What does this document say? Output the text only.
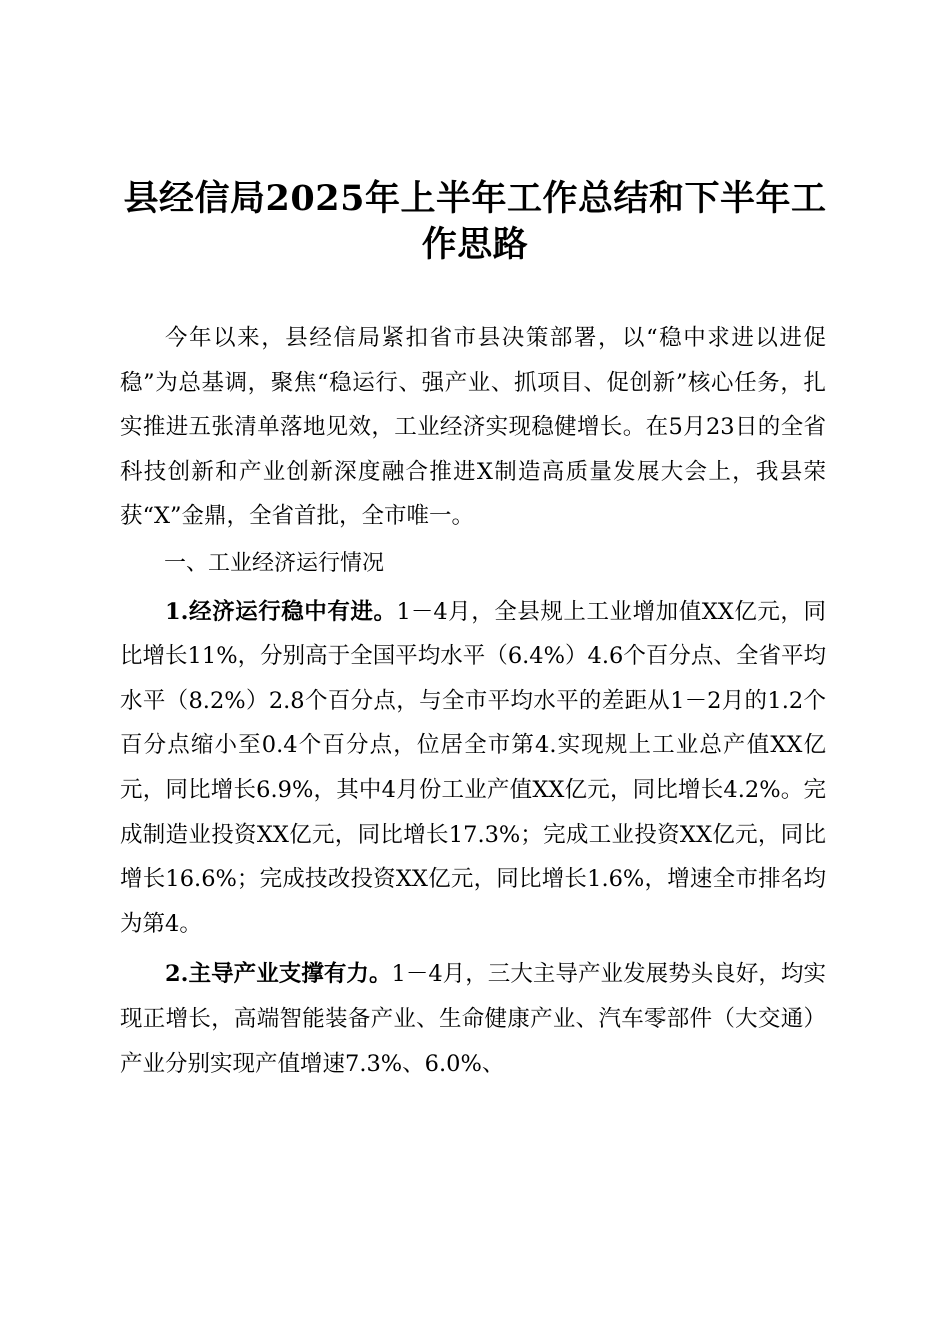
县经信局2025年上半年工作总结和下半年工作思路

今年以来，县经信局紧扣省市县决策部署，以“稳中求进以进促稳”为总基调，聚焦“稳运行、强产业、抓项目、促创新”核心任务，扎实推进五张清单落地见效，工业经济实现稳健增长。在5月23日的全省科技创新和产业创新深度融合推进X制造高质量发展大会上，我县荣获“X”金鼎，全省首批，全市唯一。

一、工业经济运行情况

1.经济运行稳中有进。1－4月，全县规上工业增加值XX亿元，同比增长11%，分别高于全国平均水平（6.4%）4.6个百分点、全省平均水平（8.2%）2.8个百分点，与全市平均水平的差距从1－2月的1.2个百分点缩小至0.4个百分点，位居全市第4.实现规上工业总产值XX亿元，同比增长6.9%，其中4月份工业产值XX亿元，同比增长4.2%。完成制造业投资XX亿元，同比增长17.3%；完成工业投资XX亿元，同比增长16.6%；完成技改投资XX亿元，同比增长1.6%，增速全市排名均为第4。

2.主导产业支撑有力。1－4月，三大主导产业发展势头良好，均实现正增长，高端智能装备产业、生命健康产业、汽车零部件（大交通）产业分别实现产值增速7.3%、6.0%、
